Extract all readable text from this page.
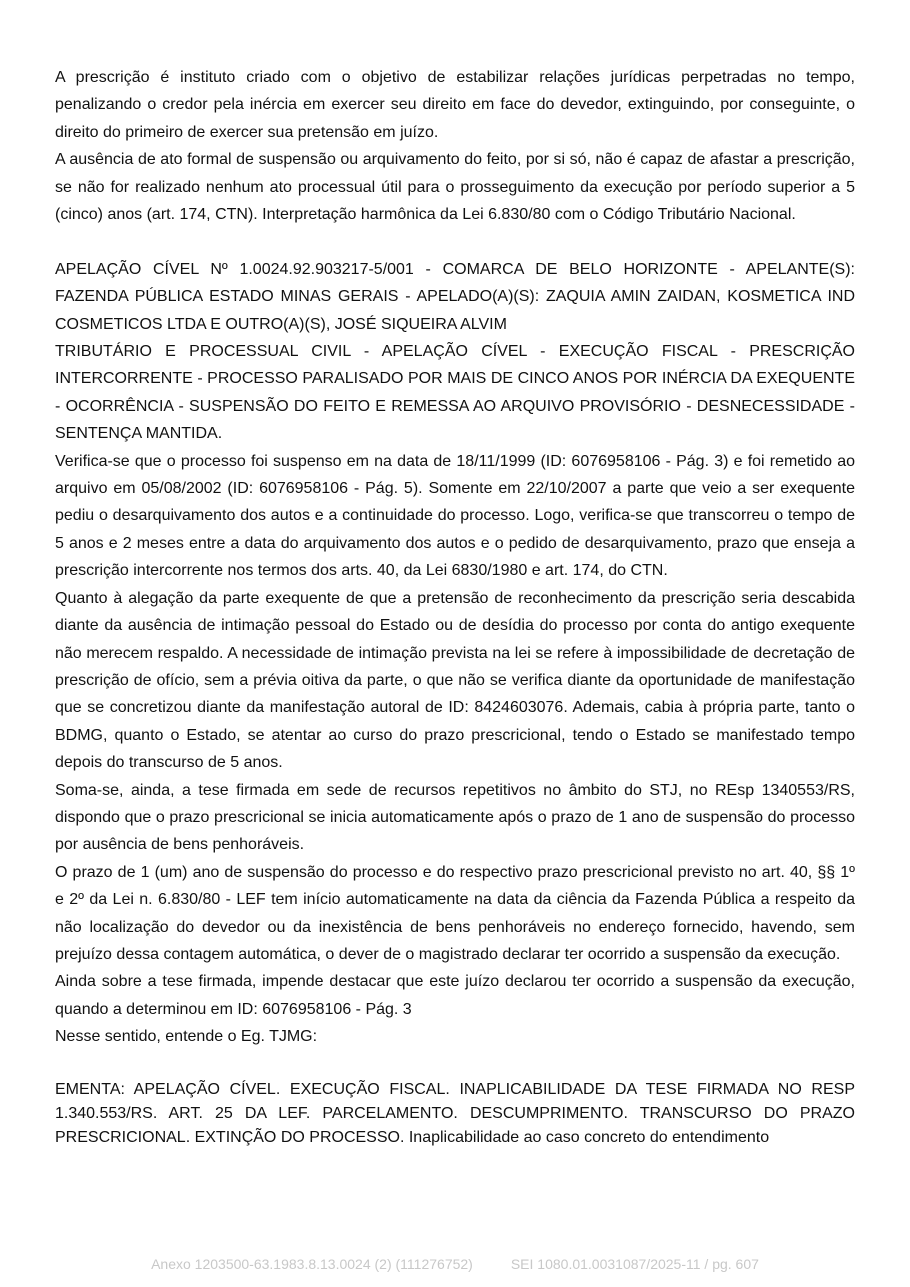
A prescrição é instituto criado com o objetivo de estabilizar relações jurídicas perpetradas no tempo, penalizando o credor pela inércia em exercer seu direito em face do devedor, extinguindo, por conseguinte, o direito do primeiro de exercer sua pretensão em juízo.

A ausência de ato formal de suspensão ou arquivamento do feito, por si só, não é capaz de afastar a prescrição, se não for realizado nenhum ato processual útil para o prosseguimento da execução por período superior a 5 (cinco) anos (art. 174, CTN). Interpretação harmônica da Lei 6.830/80 com o Código Tributário Nacional.

APELAÇÃO CÍVEL Nº 1.0024.92.903217-5/001 - COMARCA DE BELO HORIZONTE - APELANTE(S): FAZENDA PÚBLICA ESTADO MINAS GERAIS - APELADO(A)(S): ZAQUIA AMIN ZAIDAN, KOSMETICA IND COSMETICOS LTDA E OUTRO(A)(S), JOSÉ SIQUEIRA ALVIM

TRIBUTÁRIO E PROCESSUAL CIVIL - APELAÇÃO CÍVEL - EXECUÇÃO FISCAL - PRESCRIÇÃO INTERCORRENTE - PROCESSO PARALISADO POR MAIS DE CINCO ANOS POR INÉRCIA DA EXEQUENTE - OCORRÊNCIA - SUSPENSÃO DO FEITO E REMESSA AO ARQUIVO PROVISÓRIO - DESNECESSIDADE - SENTENÇA MANTIDA.

Verifica-se que o processo foi suspenso em na data de 18/11/1999 (ID: 6076958106 - Pág. 3) e foi remetido ao arquivo em 05/08/2002 (ID: 6076958106 - Pág. 5). Somente em 22/10/2007 a parte que veio a ser exequente pediu o desarquivamento dos autos e a continuidade do processo. Logo, verifica-se que transcorreu o tempo de 5 anos e 2 meses entre a data do arquivamento dos autos e o pedido de desarquivamento, prazo que enseja a prescrição intercorrente nos termos dos arts. 40, da Lei 6830/1980 e art. 174, do CTN.

Quanto à alegação da parte exequente de que a pretensão de reconhecimento da prescrição seria descabida diante da ausência de intimação pessoal do Estado ou de desídia do processo por conta do antigo exequente não merecem respaldo. A necessidade de intimação prevista na lei se refere à impossibilidade de decretação de prescrição de ofício, sem a prévia oitiva da parte, o que não se verifica diante da oportunidade de manifestação que se concretizou diante da manifestação autoral de ID: 8424603076. Ademais, cabia à própria parte, tanto o BDMG, quanto o Estado, se atentar ao curso do prazo prescricional, tendo o Estado se manifestado tempo depois do transcurso de 5 anos.

Soma-se, ainda, a tese firmada em sede de recursos repetitivos no âmbito do STJ, no REsp 1340553/RS, dispondo que o prazo prescricional se inicia automaticamente após o prazo de 1 ano de suspensão do processo por ausência de bens penhoráveis.

O prazo de 1 (um) ano de suspensão do processo e do respectivo prazo prescricional previsto no art. 40, §§ 1º e 2º da Lei n. 6.830/80 - LEF tem início automaticamente na data da ciência da Fazenda Pública a respeito da não localização do devedor ou da inexistência de bens penhoráveis no endereço fornecido, havendo, sem prejuízo dessa contagem automática, o dever de o magistrado declarar ter ocorrido a suspensão da execução.

Ainda sobre a tese firmada, impende destacar que este juízo declarou ter ocorrido a suspensão da execução, quando a determinou em ID: 6076958106 - Pág. 3

Nesse sentido, entende o Eg. TJMG:

EMENTA: APELAÇÃO CÍVEL. EXECUÇÃO FISCAL. INAPLICABILIDADE DA TESE FIRMADA NO RESP 1.340.553/RS. ART. 25 DA LEF. PARCELAMENTO. DESCUMPRIMENTO. TRANSCURSO DO PRAZO PRESCRICIONAL. EXTINÇÃO DO PROCESSO. Inaplicabilidade ao caso concreto do entendimento

Anexo 1203500-63.1983.8.13.0024 (2) (111276752)	SEI 1080.01.0031087/2025-11 / pg. 607
